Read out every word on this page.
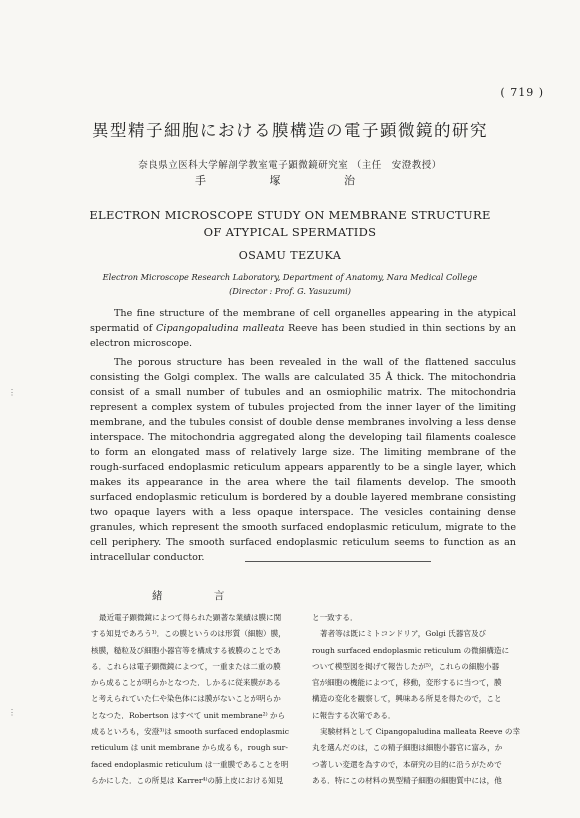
( 719 )
異型精子細胞における膜構造の電子顕微鏡的研究
奈良県立医科大学解剖学教室電子顕微鏡研究室 （主任　安澄教授）
手 塚 治
ELECTRON MICROSCOPE STUDY ON MEMBRANE STRUCTURE
OF ATYPICAL SPERMATIDS
OSAMU TEZUKA
Electron Microscope Research Laboratory, Department of Anatomy, Nara Medical College
(Director : Prof. G. Yasuzumi)

The fine structure of the membrane of cell organelles appearing in the atypical spermatid of Cipangopaludina malleata Reeve has been studied in thin sections by an electron microscope.

The porous structure has been revealed in the wall of the flattened sacculus consisting the Golgi complex. The walls are calculated 35 Å thick. The mitochondria consist of a small number of tubules and an osmiophilic matrix. The mitochondria represent a complex system of tubules projected from the inner layer of the limiting membrane, and the tubules consist of double dense membranes involving a less dense interspace. The mitochondria aggregated along the developing tail filaments coalesce to form an elongated mass of relatively large size. The limiting membrane of the rough-surfaced endoplasmic reticulum appears apparently to be a single layer, which makes its appearance in the area where the tail filaments develop. The smooth surfaced endoplasmic reticulum is bordered by a double layered membrane consisting two opaque layers with a less opaque interspace. The vesicles containing dense granules, which represent the smooth surfaced endoplasmic reticulum, migrate to the cell periphery. The smooth surfaced endoplasmic reticulum seems to function as an intracellular conductor.

緒 言
最近電子顕微鏡によつて得られた顕著な業績は膜に関
する知見であろう¹⁾．この膜というのは形質（細胞）膜，
核膜，糙粒及び細胞小器官等を構成する被膜のことであ
る．これらは電子顕微鏡によつて，一重または二重の膜
から成ることが明らかとなつた．しかるに従来膜がある
と考えられていた仁や染色体には膜がないことが明らか
となつた．Robertson はすべて unit membrane²⁾ から
成るといろも，安澄³⁾は smooth surfaced endoplasmic
reticulum は unit membrane から成るも，rough sur-
faced endoplasmic reticulum は一重膜であることを明
らかにした．この所見は Karrer⁴⁾の肺上皮における知見
と一致する．
著者等は既にミトコンドリア，Golgi 氏器官及び
rough surfaced endoplasmic reticulum の微細構造に
ついて模型図を掲げて報告したが⁵⁾，これらの細胞小器
官が細胞の機能によつて，移動，変形するに当つて，膜
構造の変化を観察して，興味ある所見を得たので，こと
に報告する次第である．
実験材料として Cipangopaludina malleata Reeve の幸
丸を選んだのは，この精子細胞は細胞小器官に富み，か
つ著しい変還を為すので，本研究の目的に沿うがためで
ある．特にこの材料の異型精子細胞の細胞質中には，他
⋮
⋮
